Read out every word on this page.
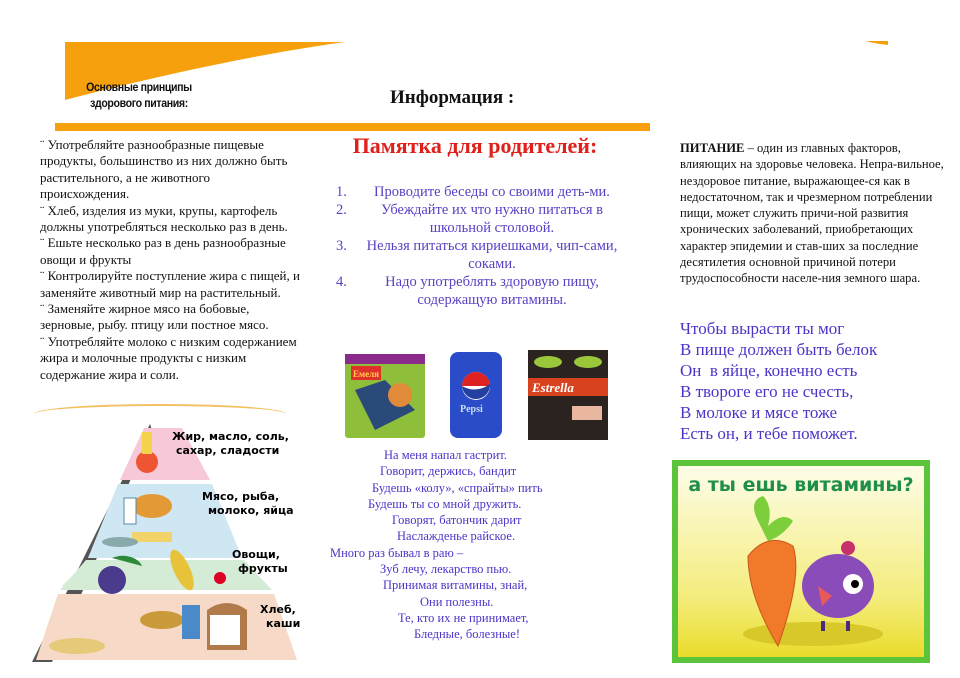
Основные принципы
здорового питания:	Информация :

¨ Употребляйте разнообразные пищевые продукты, большинство из них должно быть растительного, а не животного происхождения.

¨ Хлеб, изделия из муки, крупы, картофель должны употребляться несколько раз в день.

¨ Ешьте несколько раз в день разнообразные овощи и фрукты

¨ Контролируйте поступление жира с пищей, и заменяйте животный мир на растительный.

¨ Заменяйте жирное мясо на бобовые, зерновые, рыбу. птицу или постное мясо.

¨ Употребляйте молоко с низким содержанием жира и молочные продукты с низким содержание жира и соли.

Жир, масло, соль,
сахар, сладости
Мясо, рыба,
молоко, яйца
Овощи,
фрукты
Хлеб,
каши
Памятка для родителей:
1.	Проводите беседы со своими деть-ми.
2.	Убеждайте их что нужно питаться в школьной столовой.
3.	Нельзя питаться кириешками, чип-сами, соками.
4.	Надо употреблять здоровую пищу, содержащую витамины.
Емеля
Pepsi
Estrella
На меня напал гастрит.
Говорит, держись, бандит
Будешь «колу», «спрайты» пить
Будешь ты со мной дружить.
Говорят, батончик дарит
Наслажденье райское.
Много раз бывал в раю –
Зуб лечу, лекарство пью.
Принимая витамины, знай,
Они полезны.
Те, кто их не принимает,
Бледные, болезные!
ПИТАНИЕ – один из главных факторов, влияющих на здоровье человека. Непра-вильное, нездоровое питание, выражающее-ся как в недостаточном, так и чрезмерном потреблении пищи, может служить причи-ной развития хронических заболеваний, приобретающих характер эпидемии и став-ших за последние десятилетия основной причиной потери трудоспособности населе-ния земного шара.
Чтобы вырасти ты мог
В пище должен быть белок
Он  в яйце, конечно есть
В твороге его не счесть,
В молоке и мясе тоже
Есть он, и тебе поможет.
а ты ешь витамины?
